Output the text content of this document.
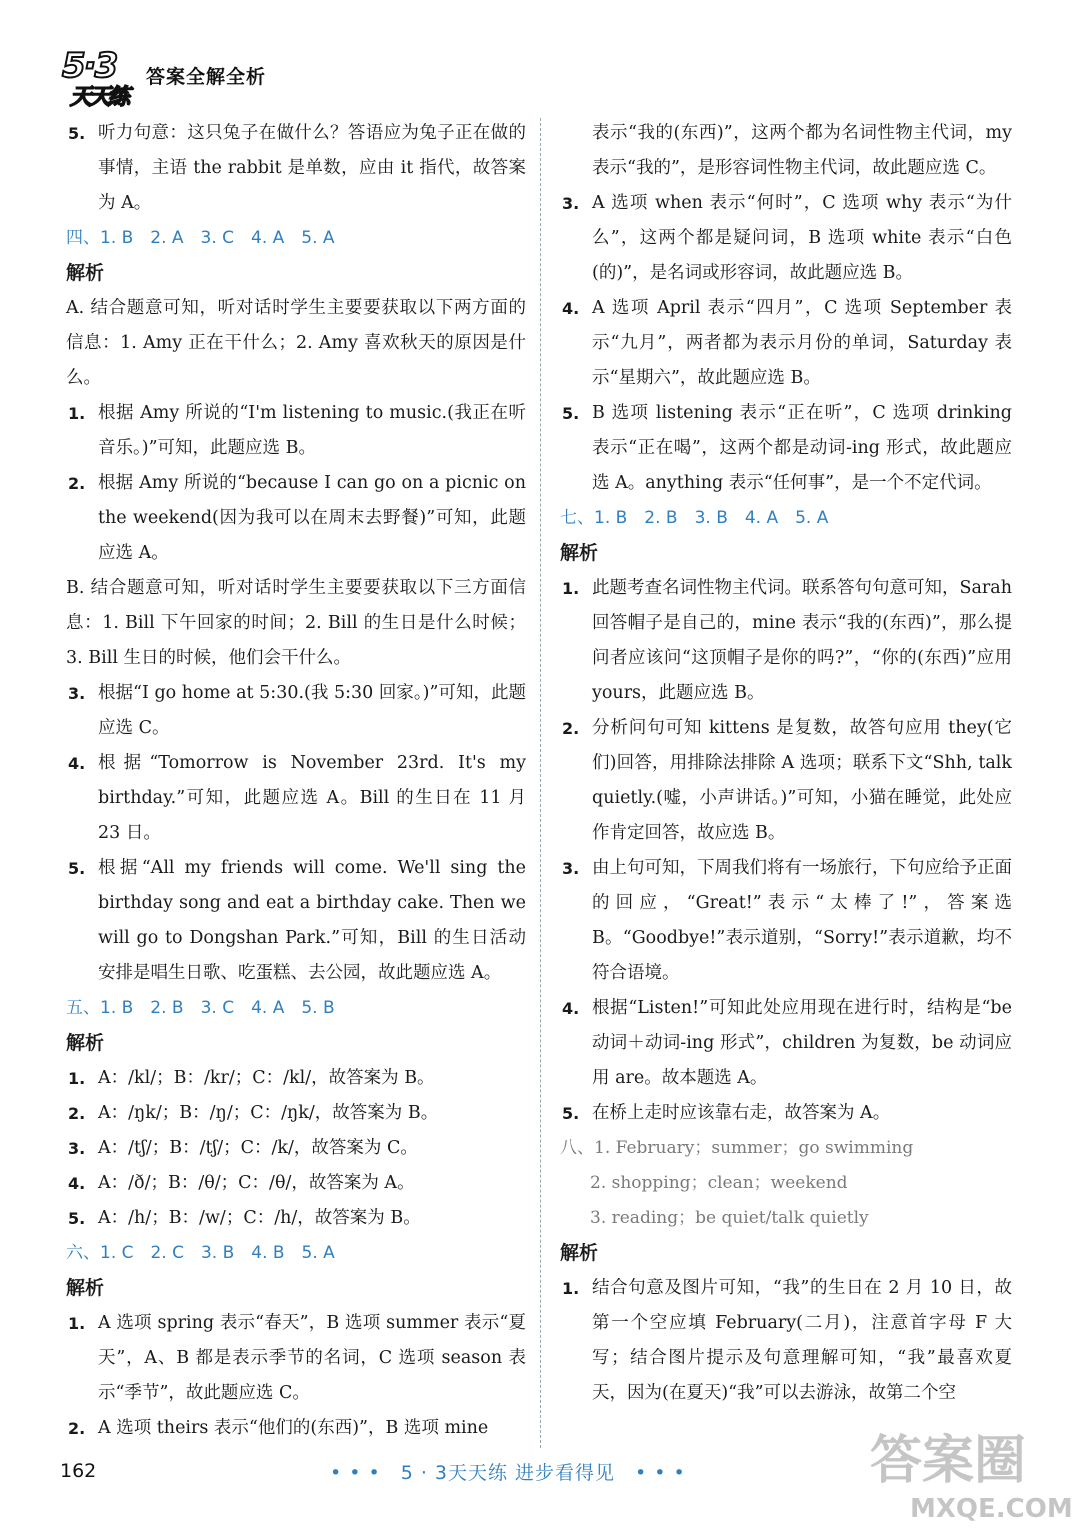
5·3
天天练
答案全解全析
5. 听力句意：这只兔子在做什么？答语应为兔子正在做的事情，主语 the rabbit 是单数，应由 it 指代，故答案为 A。
四、1. B　2. A　3. C　4. A　5. A
解析
A. 结合题意可知，听对话时学生主要要获取以下两方面的信息：1. Amy 正在干什么；2. Amy 喜欢秋天的原因是什么。
1. 根据 Amy 所说的“I'm listening to music.(我正在听音乐。)”可知，此题应选 B。
2. 根据 Amy 所说的“because I can go on a picnic on the weekend(因为我可以在周末去野餐)”可知，此题应选 A。
B. 结合题意可知，听对话时学生主要要获取以下三方面信息：1. Bill 下午回家的时间；2. Bill 的生日是什么时候；3. Bill 生日的时候，他们会干什么。
3. 根据“I go home at 5:30.(我 5:30 回家。)”可知，此题应选 C。
4. 根据“Tomorrow is November 23rd. It's my birthday.”可知，此题应选 A。Bill 的生日在 11 月 23 日。
5. 根据“All my friends will come. We'll sing the birthday song and eat a birthday cake. Then we will go to Dongshan Park.”可知，Bill 的生日活动安排是唱生日歌、吃蛋糕、去公园，故此题应选 A。
五、1. B　2. B　3. C　4. A　5. B
解析
1. A：/kl/；B：/kr/；C：/kl/，故答案为 B。
2. A：/ŋk/；B：/ŋ/；C：/ŋk/，故答案为 B。
3. A：/tʃ/；B：/tʃ/；C：/k/，故答案为 C。
4. A：/ð/；B：/θ/；C：/θ/，故答案为 A。
5. A：/h/；B：/w/；C：/h/，故答案为 B。
六、1. C　2. C　3. B　4. B　5. A
解析
1. A 选项 spring 表示“春天”，B 选项 summer 表示“夏天”，A、B 都是表示季节的名词，C 选项 season 表示“季节”，故此题应选 C。
2. A 选项 theirs 表示“他们的(东西)”，B 选项 mine
表示“我的(东西)”，这两个都为名词性物主代词，my 表示“我的”，是形容词性物主代词，故此题应选 C。
3. A 选项 when 表示“何时”，C 选项 why 表示“为什么”，这两个都是疑问词，B 选项 white 表示“白色(的)”，是名词或形容词，故此题应选 B。
4. A 选项 April 表示“四月”，C 选项 September 表示“九月”，两者都为表示月份的单词，Saturday 表示“星期六”，故此题应选 B。
5. B 选项 listening 表示“正在听”，C 选项 drinking 表示“正在喝”，这两个都是动词-ing 形式，故此题应选 A。anything 表示“任何事”，是一个不定代词。
七、1. B　2. B　3. B　4. A　5. A
解析
1. 此题考查名词性物主代词。联系答句句意可知，Sarah 回答帽子是自己的，mine 表示“我的(东西)”，那么提问者应该问“这顶帽子是你的吗?”，“你的(东西)”应用 yours，此题应选 B。
2. 分析问句可知 kittens 是复数，故答句应用 they(它们)回答，用排除法排除 A 选项；联系下文“Shh, talk quietly.(嘘，小声讲话。)”可知，小猫在睡觉，此处应作肯定回答，故应选 B。
3. 由上句可知，下周我们将有一场旅行，下句应给予正面的回应，“Great!”表示“太棒了!”，答案选 B。“Goodbye!”表示道别，“Sorry!”表示道歉，均不符合语境。
4. 根据“Listen!”可知此处应用现在进行时，结构是“be 动词＋动词-ing 形式”，children 为复数，be 动词应用 are。故本题选 A。
5. 在桥上走时应该靠右走，故答案为 A。
八、1. February；summer；go swimming
2. shopping；clean；weekend
3. reading；be quiet/talk quietly
解析
1. 结合句意及图片可知，“我”的生日在 2 月 10 日，故第一个空应填 February(二月)，注意首字母 F 大写；结合图片提示及句意理解可知，“我”最喜欢夏天，因为(在夏天)“我”可以去游泳，故第二个空
162	• • •　5 · 3天天练 进步看得见　• • •	答案圈
MXQE.COM
